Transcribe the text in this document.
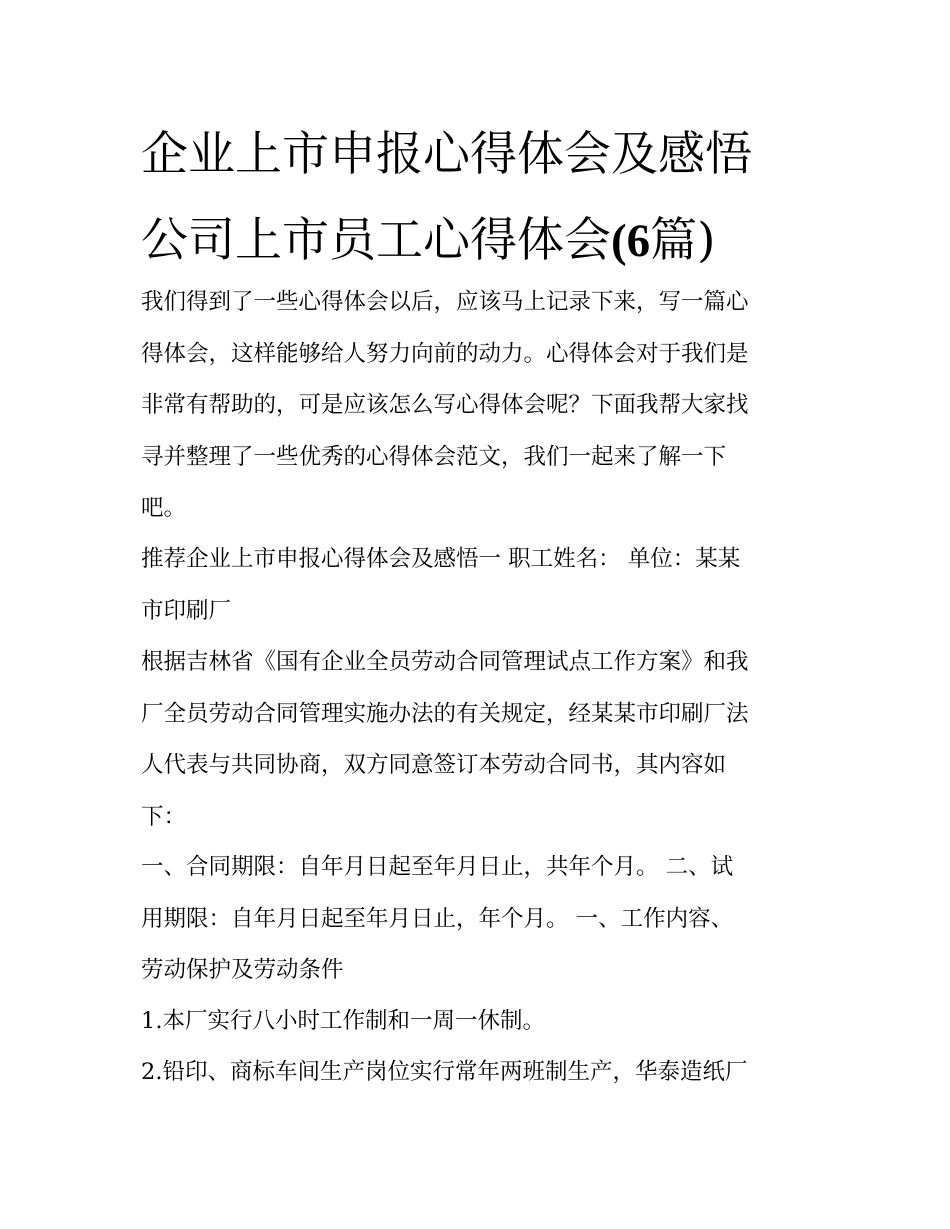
企业上市申报心得体会及感悟
公司上市员工心得体会(6篇)

我们得到了一些心得体会以后，应该马上记录下来，写一篇心
得体会，这样能够给人努力向前的动力。心得体会对于我们是
非常有帮助的，可是应该怎么写心得体会呢？下面我帮大家找
寻并整理了一些优秀的心得体会范文，我们一起来了解一下
吧。

推荐企业上市申报心得体会及感悟一 职工姓名： 单位：某某
市印刷厂

根据吉林省《国有企业全员劳动合同管理试点工作方案》和我
厂全员劳动合同管理实施办法的有关规定，经某某市印刷厂法
人代表与共同协商，双方同意签订本劳动合同书，其内容如
下：

一、合同期限：自年月日起至年月日止，共年个月。 二、试
用期限：自年月日起至年月日止，年个月。 一、工作内容、
劳动保护及劳动条件

1.本厂实行八小时工作制和一周一休制。

2.铅印、商标车间生产岗位实行常年两班制生产，华泰造纸厂
